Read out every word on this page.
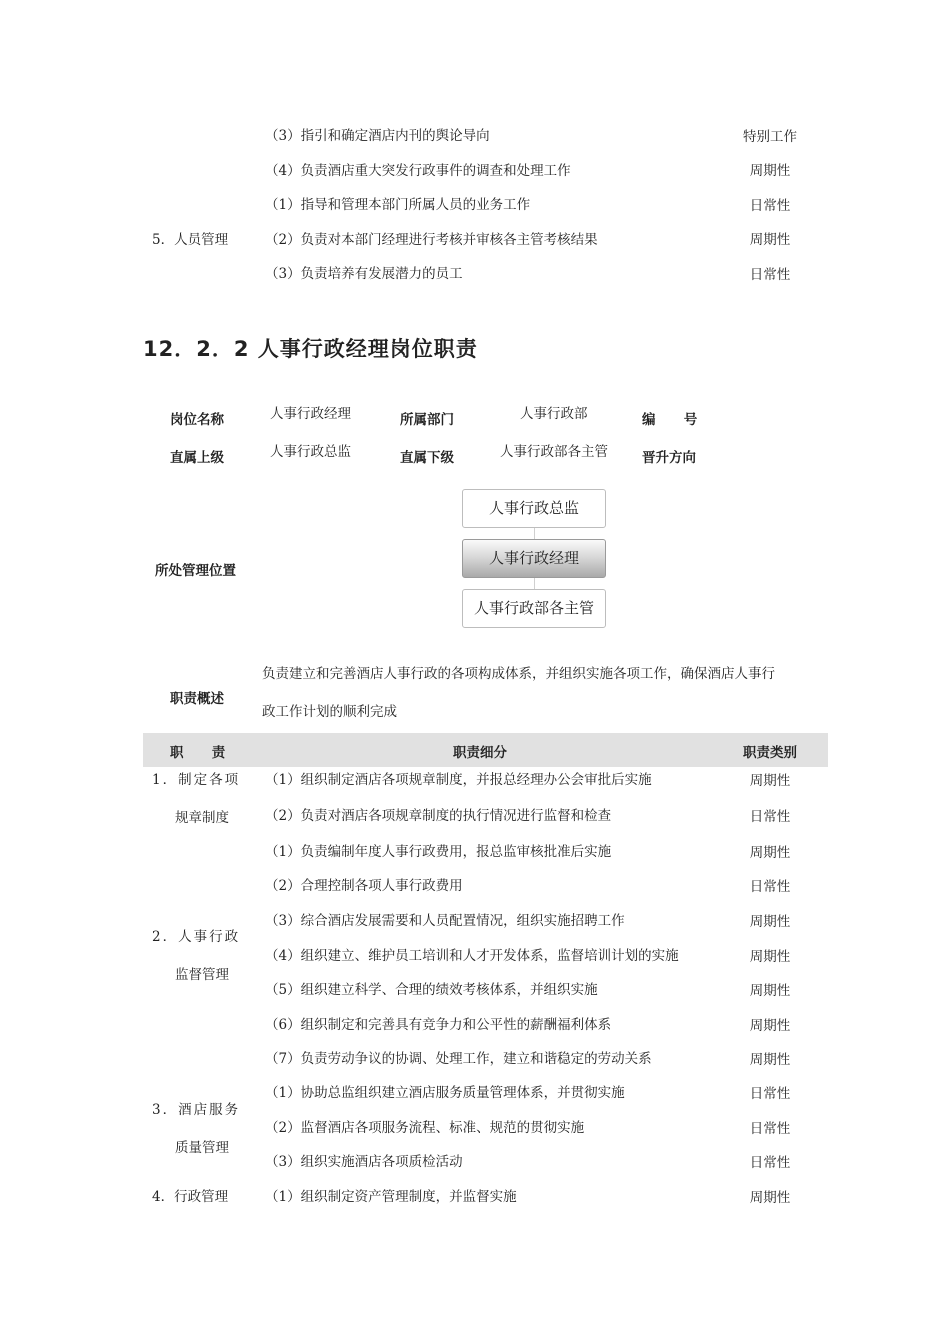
（3）指引和确定酒店内刊的舆论导向	特别工作
（4）负责酒店重大突发行政事件的调查和处理工作	周期性
（1）指导和管理本部门所属人员的业务工作	日常性
5．人员管理	（2）负责对本部门经理进行考核并审核各主管考核结果	周期性
（3）负责培养有发展潜力的员工	日常性
12．2．2 人事行政经理岗位职责
岗位名称	人事行政经理	所属部门	人事行政部	编      号
直属上级	人事行政总监	直属下级	人事行政部各主管	晋升方向
所处管理位置
人事行政总监
人事行政经理
人事行政部各主管
职责概述
负责建立和完善酒店人事行政的各项构成体系，并组织实施各项工作，确保酒店人事行
政工作计划的顺利完成
职      责	职责细分	职责类别
1．制定各项
规章制度
（1）组织制定酒店各项规章制度，并报总经理办公会审批后实施	周期性
（2）负责对酒店各项规章制度的执行情况进行监督和检查	日常性
2．人事行政
监督管理
（1）负责编制年度人事行政费用，报总监审核批准后实施	周期性
（2）合理控制各项人事行政费用	日常性
（3）综合酒店发展需要和人员配置情况，组织实施招聘工作	周期性
（4）组织建立、维护员工培训和人才开发体系，监督培训计划的实施	周期性
（5）组织建立科学、合理的绩效考核体系，并组织实施	周期性
（6）组织制定和完善具有竞争力和公平性的薪酬福利体系	周期性
（7）负责劳动争议的协调、处理工作，建立和谐稳定的劳动关系	周期性
3．酒店服务
质量管理
（1）协助总监组织建立酒店服务质量管理体系，并贯彻实施	日常性
（2）监督酒店各项服务流程、标准、规范的贯彻实施	日常性
（3）组织实施酒店各项质检活动	日常性
4．行政管理	（1）组织制定资产管理制度，并监督实施	周期性
